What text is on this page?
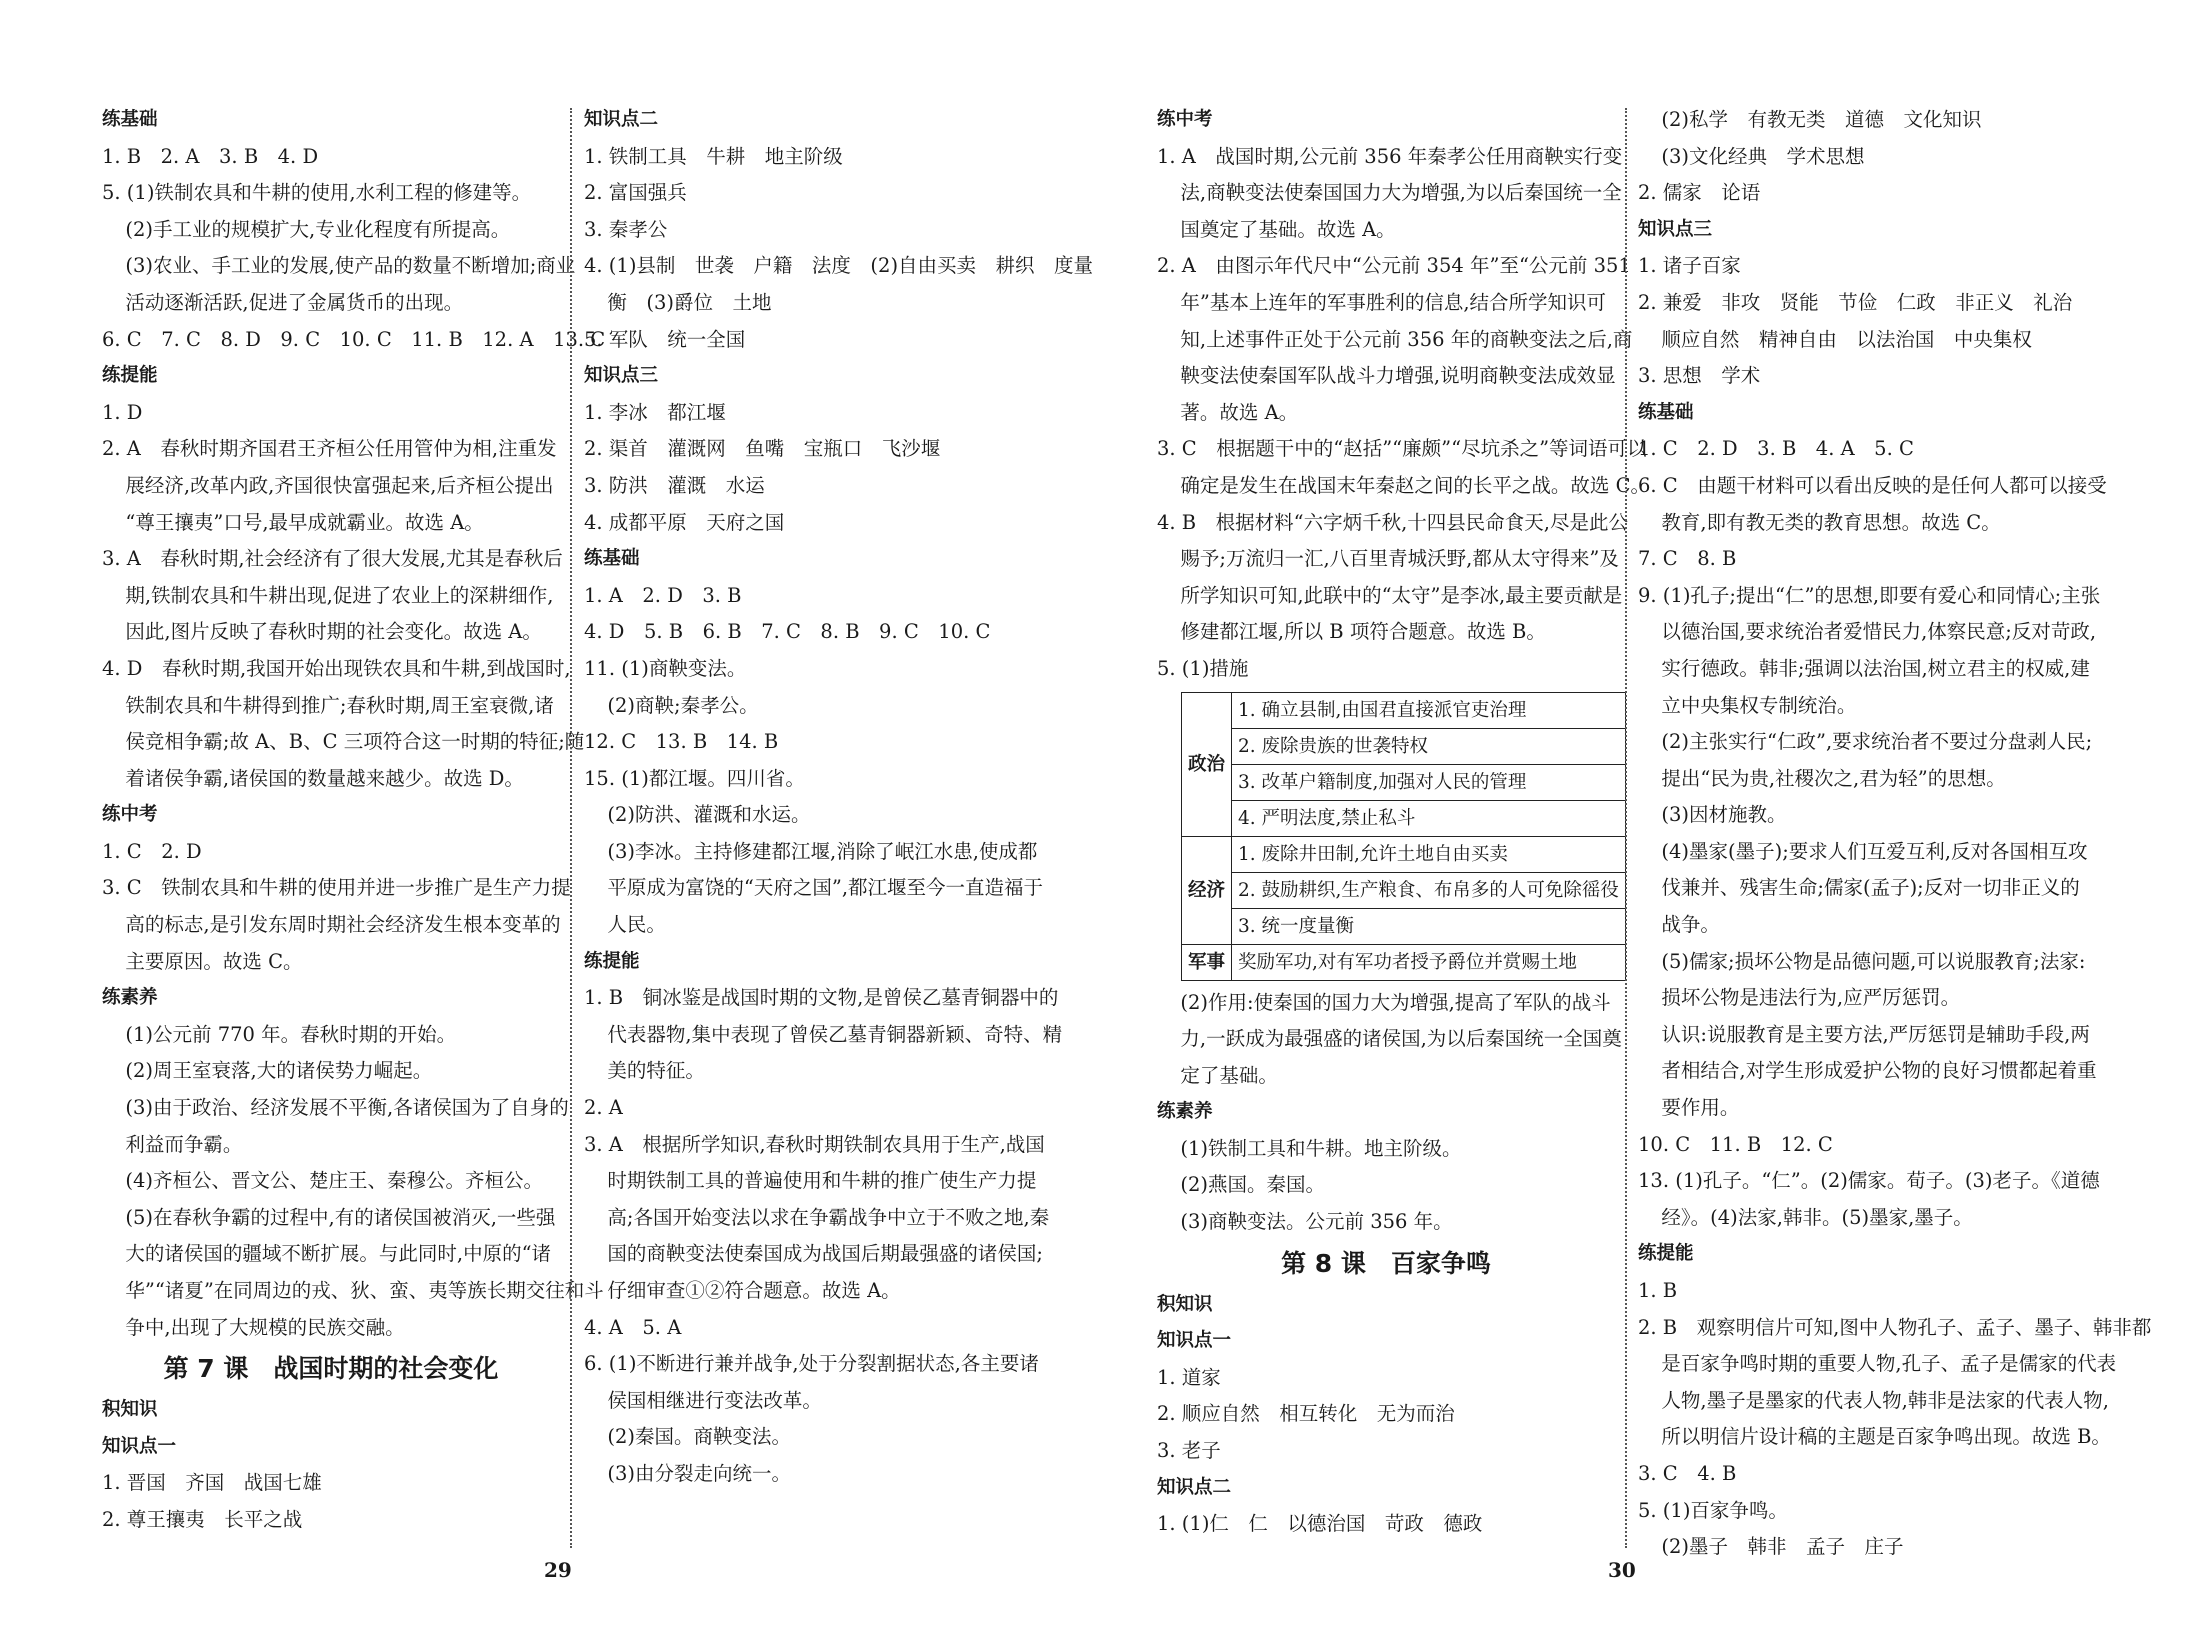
练基础
1. B　2. A　3. B　4. D
5. (1)铁制农具和牛耕的使用,水利工程的修建等。
(2)手工业的规模扩大,专业化程度有所提高。
(3)农业、手工业的发展,使产品的数量不断增加;商业
活动逐渐活跃,促进了金属货币的出现。
6. C　7. C　8. D　9. C　10. C　11. B　12. A　13. C
练提能
1. D
2. A　春秋时期齐国君王齐桓公任用管仲为相,注重发
展经济,改革内政,齐国很快富强起来,后齐桓公提出
“尊王攘夷”口号,最早成就霸业。故选 A。
3. A　春秋时期,社会经济有了很大发展,尤其是春秋后
期,铁制农具和牛耕出现,促进了农业上的深耕细作,
因此,图片反映了春秋时期的社会变化。故选 A。
4. D　春秋时期,我国开始出现铁农具和牛耕,到战国时,
铁制农具和牛耕得到推广;春秋时期,周王室衰微,诸
侯竞相争霸;故 A、B、C 三项符合这一时期的特征;随
着诸侯争霸,诸侯国的数量越来越少。故选 D。
练中考
1. C　2. D
3. C　铁制农具和牛耕的使用并进一步推广是生产力提
高的标志,是引发东周时期社会经济发生根本变革的
主要原因。故选 C。
练素养
(1)公元前 770 年。春秋时期的开始。
(2)周王室衰落,大的诸侯势力崛起。
(3)由于政治、经济发展不平衡,各诸侯国为了自身的
利益而争霸。
(4)齐桓公、晋文公、楚庄王、秦穆公。齐桓公。
(5)在春秋争霸的过程中,有的诸侯国被消灭,一些强
大的诸侯国的疆域不断扩展。与此同时,中原的“诸
华”“诸夏”在同周边的戎、狄、蛮、夷等族长期交往和斗
争中,出现了大规模的民族交融。
第 7 课　战国时期的社会变化
积知识
知识点一
1. 晋国　齐国　战国七雄
2. 尊王攘夷　长平之战
知识点二
1. 铁制工具　牛耕　地主阶级
2. 富国强兵
3. 秦孝公
4. (1)县制　世袭　户籍　法度　(2)自由买卖　耕织　度量
衡　(3)爵位　土地
5. 军队　统一全国
知识点三
1. 李冰　都江堰
2. 渠首　灌溉网　鱼嘴　宝瓶口　飞沙堰
3. 防洪　灌溉　水运
4. 成都平原　天府之国
练基础
1. A　2. D　3. B
4. D　5. B　6. B　7. C　8. B　9. C　10. C
11. (1)商鞅变法。
(2)商鞅;秦孝公。
12. C　13. B　14. B
15. (1)都江堰。四川省。
(2)防洪、灌溉和水运。
(3)李冰。主持修建都江堰,消除了岷江水患,使成都
平原成为富饶的“天府之国”,都江堰至今一直造福于
人民。
练提能
1. B　铜冰鉴是战国时期的文物,是曾侯乙墓青铜器中的
代表器物,集中表现了曾侯乙墓青铜器新颖、奇特、精
美的特征。
2. A
3. A　根据所学知识,春秋时期铁制农具用于生产,战国
时期铁制工具的普遍使用和牛耕的推广使生产力提
高;各国开始变法以求在争霸战争中立于不败之地,秦
国的商鞅变法使秦国成为战国后期最强盛的诸侯国;
仔细审查①②符合题意。故选 A。
4. A　5. A
6. (1)不断进行兼并战争,处于分裂割据状态,各主要诸
侯国相继进行变法改革。
(2)秦国。商鞅变法。
(3)由分裂走向统一。
练中考
1. A　战国时期,公元前 356 年秦孝公任用商鞅实行变
法,商鞅变法使秦国国力大为增强,为以后秦国统一全
国奠定了基础。故选 A。
2. A　由图示年代尺中“公元前 354 年”至“公元前 351
年”基本上连年的军事胜利的信息,结合所学知识可
知,上述事件正处于公元前 356 年的商鞅变法之后,商
鞅变法使秦国军队战斗力增强,说明商鞅变法成效显
著。故选 A。
3. C　根据题干中的“赵括”“廉颇”“尽坑杀之”等词语可以
确定是发生在战国末年秦赵之间的长平之战。故选 C。
4. B　根据材料“六字炳千秋,十四县民命食天,尽是此公
赐予;万流归一汇,八百里青城沃野,都从太守得来”及
所学知识可知,此联中的“太守”是李冰,最主要贡献是
修建都江堰,所以 B 项符合题意。故选 B。
5. (1)措施
政治	1. 确立县制,由国君直接派官吏治理
	2. 废除贵族的世袭特权
	3. 改革户籍制度,加强对人民的管理
	4. 严明法度,禁止私斗
经济	1. 废除井田制,允许土地自由买卖
	2. 鼓励耕织,生产粮食、布帛多的人可免除徭役
	3. 统一度量衡
军事	奖励军功,对有军功者授予爵位并赏赐土地
(2)作用:使秦国的国力大为增强,提高了军队的战斗
力,一跃成为最强盛的诸侯国,为以后秦国统一全国奠
定了基础。
练素养
(1)铁制工具和牛耕。地主阶级。
(2)燕国。秦国。
(3)商鞅变法。公元前 356 年。
第 8 课　百家争鸣
积知识
知识点一
1. 道家
2. 顺应自然　相互转化　无为而治
3. 老子
知识点二
1. (1)仁　仁　以德治国　苛政　德政
(2)私学　有教无类　道德　文化知识
(3)文化经典　学术思想
2. 儒家　论语
知识点三
1. 诸子百家
2. 兼爱　非攻　贤能　节俭　仁政　非正义　礼治
顺应自然　精神自由　以法治国　中央集权
3. 思想　学术
练基础
1. C　2. D　3. B　4. A　5. C
6. C　由题干材料可以看出反映的是任何人都可以接受
教育,即有教无类的教育思想。故选 C。
7. C　8. B
9. (1)孔子;提出“仁”的思想,即要有爱心和同情心;主张
以德治国,要求统治者爱惜民力,体察民意;反对苛政,
实行德政。韩非;强调以法治国,树立君主的权威,建
立中央集权专制统治。
(2)主张实行“仁政”,要求统治者不要过分盘剥人民;
提出“民为贵,社稷次之,君为轻”的思想。
(3)因材施教。
(4)墨家(墨子);要求人们互爱互利,反对各国相互攻
伐兼并、残害生命;儒家(孟子);反对一切非正义的
战争。
(5)儒家;损坏公物是品德问题,可以说服教育;法家:
损坏公物是违法行为,应严厉惩罚。
认识:说服教育是主要方法,严厉惩罚是辅助手段,两
者相结合,对学生形成爱护公物的良好习惯都起着重
要作用。
10. C　11. B　12. C
13. (1)孔子。“仁”。(2)儒家。荀子。(3)老子。《道德
经》。(4)法家,韩非。(5)墨家,墨子。
练提能
1. B
2. B　观察明信片可知,图中人物孔子、孟子、墨子、韩非都
是百家争鸣时期的重要人物,孔子、孟子是儒家的代表
人物,墨子是墨家的代表人物,韩非是法家的代表人物,
所以明信片设计稿的主题是百家争鸣出现。故选 B。
3. C　4. B
5. (1)百家争鸣。
(2)墨子　韩非　孟子　庄子
29	30
